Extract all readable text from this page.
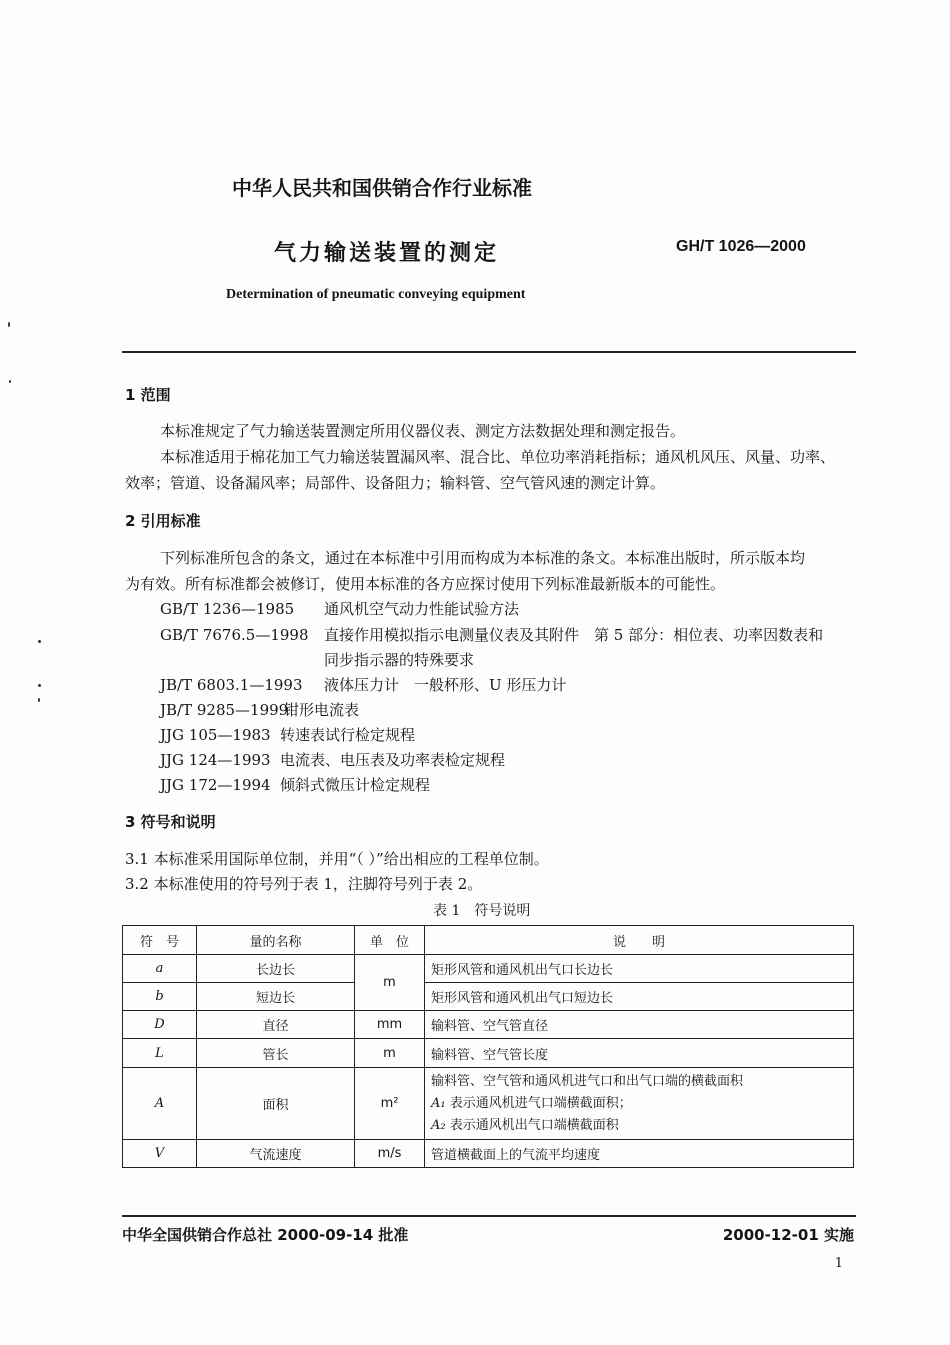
中华人民共和国供销合作行业标准
气力输送装置的测定	GH/T 1026—2000
Determination of pneumatic conveying equipment
1 范围
本标准规定了气力输送装置测定所用仪器仪表、测定方法数据处理和测定报告。
本标准适用于棉花加工气力输送装置漏风率、混合比、单位功率消耗指标；通风机风压、风量、功率、
效率；管道、设备漏风率；局部件、设备阻力；输料管、空气管风速的测定计算。
2 引用标准
下列标准所包含的条文，通过在本标准中引用而构成为本标准的条文。本标准出版时，所示版本均
为有效。所有标准都会被修订，使用本标准的各方应探讨使用下列标准最新版本的可能性。
GB/T 1236—1985 通风机空气动力性能试验方法
GB/T 7676.5—1998 直接作用模拟指示电测量仪表及其附件　第 5 部分：相位表、功率因数表和
同步指示器的特殊要求
JB/T 6803.1—1993 液体压力计　一般杯形、U 形压力计
JB/T 9285—1999钳形电流表
JJG 105—1983 转速表试行检定规程
JJG 124—1993 电流表、电压表及功率表检定规程
JJG 172—1994 倾斜式微压计检定规程
3 符号和说明
3.1 本标准采用国际单位制，并用“（ ）”给出相应的工程单位制。
3.2 本标准使用的符号列于表 1，注脚符号列于表 2。
表 1　符号说明
符　号	量的名称	单　位	说　　明
a	长边长	m	矩形风管和通风机出气口长边长
b	短边长		矩形风管和通风机出气口短边长
D	直径	mm	输料管、空气管直径
L	管长	m	输料管、空气管长度
A	面积	m²	输料管、空气管和通风机进气口和出气口端的横截面积
A₁ 表示通风机进气口端横截面积；
A₂ 表示通风机出气口端横截面积

V	气流速度	m/s	管道横截面上的气流平均速度
中华全国供销合作总社 2000-09-14 批准	2000-12-01 实施
1
